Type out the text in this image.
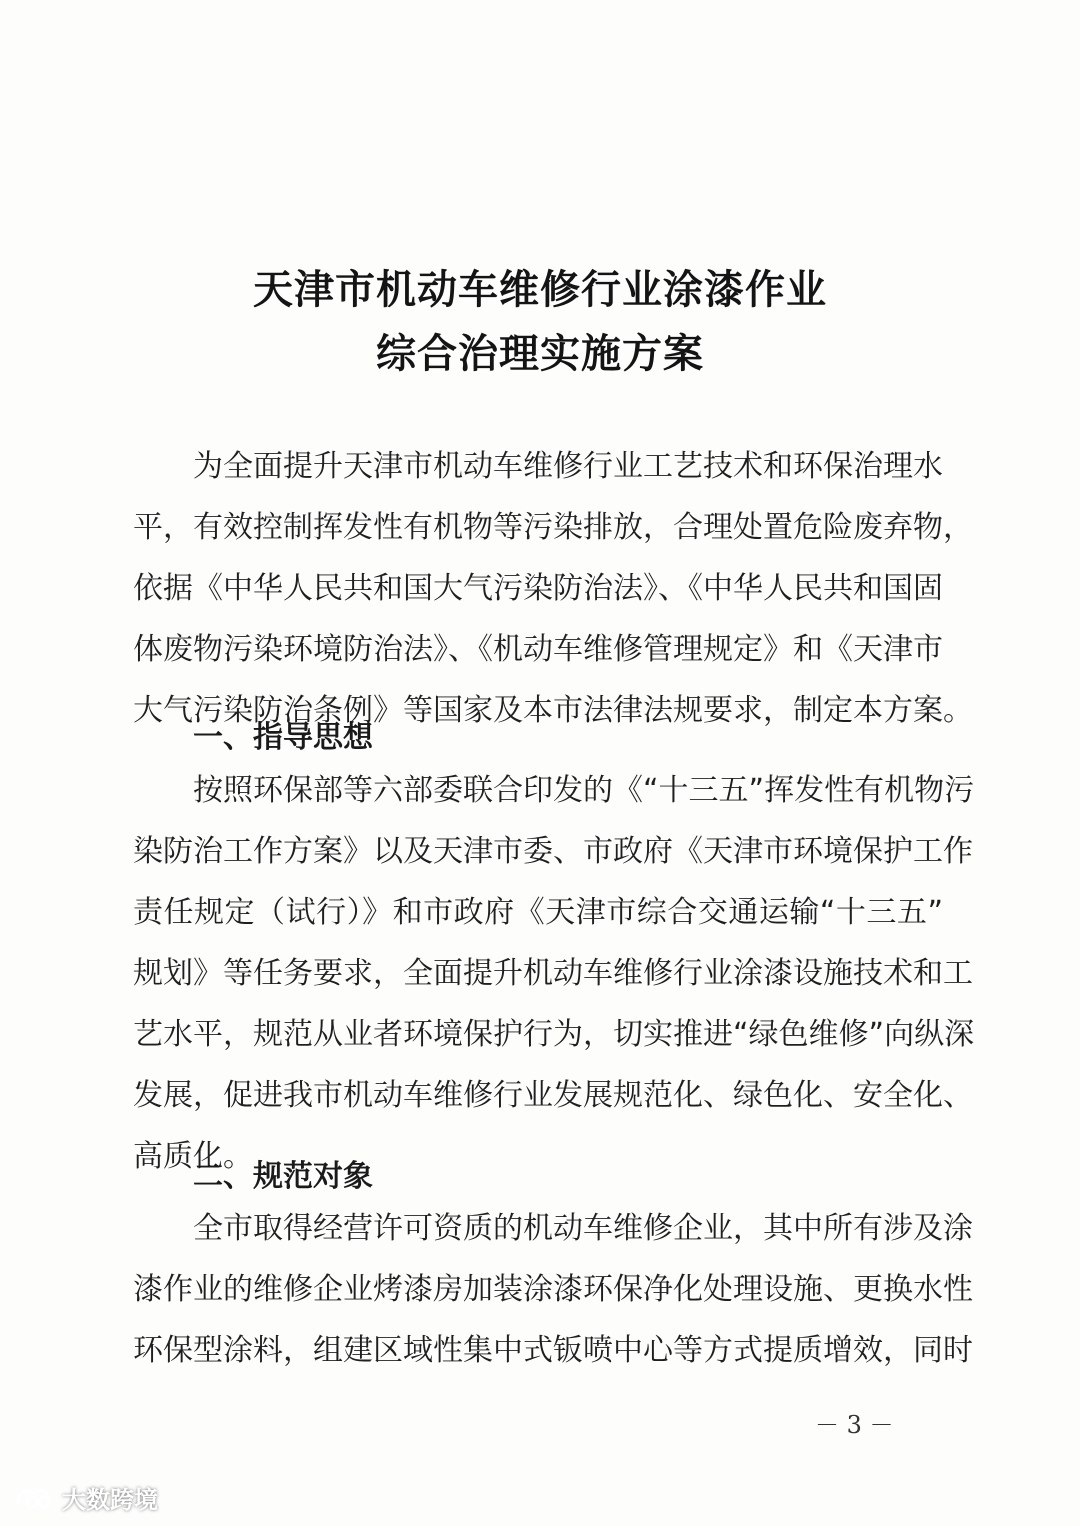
天津市机动车维修行业涂漆作业
综合治理实施方案
为全面提升天津市机动车维修行业工艺技术和环保治理水
平，有效控制挥发性有机物等污染排放，合理处置危险废弃物，
依据《中华人民共和国大气污染防治法》、《中华人民共和国固
体废物污染环境防治法》、《机动车维修管理规定》和《天津市
大气污染防治条例》等国家及本市法律法规要求，制定本方案。
一、指导思想
按照环保部等六部委联合印发的《“十三五”挥发性有机物污
染防治工作方案》以及天津市委、市政府《天津市环境保护工作
责任规定（试行）》和市政府《天津市综合交通运输“十三五”
规划》等任务要求，全面提升机动车维修行业涂漆设施技术和工
艺水平，规范从业者环境保护行为，切实推进“绿色维修”向纵深
发展，促进我市机动车维修行业发展规范化、绿色化、安全化、
高质化。
二、规范对象
全市取得经营许可资质的机动车维修企业，其中所有涉及涂
漆作业的维修企业烤漆房加装涂漆环保净化处理设施、更换水性
环保型涂料，组建区域性集中式钣喷中心等方式提质增效，同时
－ 3 －
大数跨境
